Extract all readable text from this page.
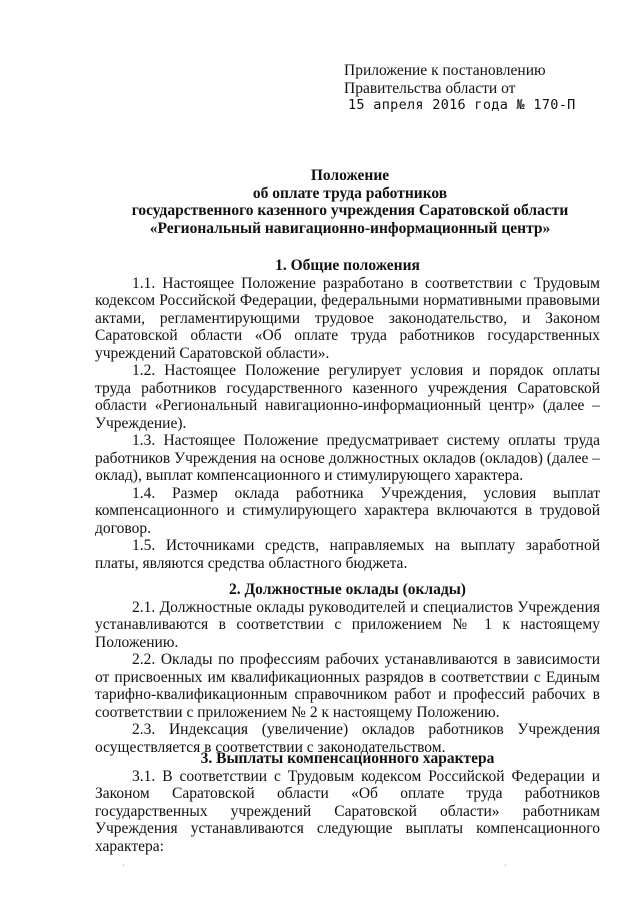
Приложение к постановлению
Правительства области от
15 апреля 2016 года № 170-П
Положение
об оплате труда работников
государственного казенного учреждения Саратовской области
«Региональный навигационно-информационный центр»
1. Общие положения

1.1. Настоящее Положение разработано в соответствии с Трудовым кодексом Российской Федерации, федеральными нормативными правовыми актами, регламентирующими трудовое законодательство, и Законом Саратовской области «Об оплате труда работников государственных учреждений Саратовской области».

1.2. Настоящее Положение регулирует условия и порядок оплаты труда работников государственного казенного учреждения Саратовской области «Региональный навигационно-информационный центр» (далее – Учреждение).

1.3. Настоящее Положение предусматривает систему оплаты труда работников Учреждения на основе должностных окладов (окладов) (далее – оклад), выплат компенсационного и стимулирующего характера.

1.4. Размер оклада работника Учреждения, условия выплат компенсационного и стимулирующего характера включаются в трудовой договор.

1.5. Источниками средств, направляемых на выплату заработной платы, являются средства областного бюджета.

2. Должностные оклады (оклады)

2.1. Должностные оклады руководителей и специалистов Учреждения устанавливаются в соответствии с приложением № 1 к настоящему Положению.

2.2. Оклады по профессиям рабочих устанавливаются в зависимости от присвоенных им квалификационных разрядов в соответствии с Единым тарифно-квалификационным справочником работ и профессий рабочих в соответствии с приложением № 2 к настоящему Положению.

2.3. Индексация (увеличение) окладов работников Учреждения осуществляется в соответствии с законодательством.

3. Выплаты компенсационного характера

3.1. В соответствии с Трудовым кодексом Российской Федерации и Законом Саратовской области «Об оплате труда работников государственных учреждений Саратовской области» работникам Учреждения устанавливаются следующие выплаты компенсационного характера:

·	·
